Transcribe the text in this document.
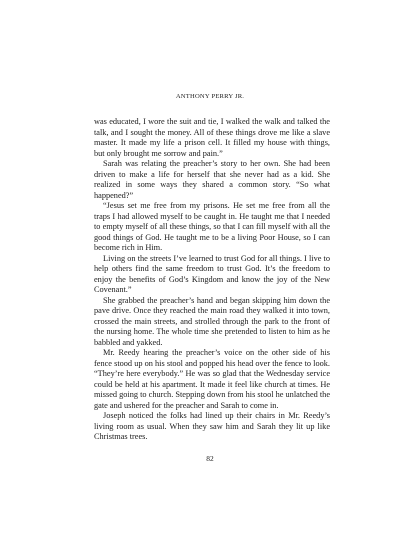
ANTHONY PERRY JR.

was educated, I wore the suit and tie, I walked the walk and talked the talk, and I sought the money. All of these things drove me like a slave master. It made my life a prison cell. It filled my house with things, but only brought me sorrow and pain.”

Sarah was relating the preacher’s story to her own. She had been driven to make a life for herself that she never had as a kid. She realized in some ways they shared a common story. “So what happened?”

“Jesus set me free from my prisons. He set me free from all the traps I had allowed myself to be caught in. He taught me that I needed to empty myself of all these things, so that I can fill myself with all the good things of God. He taught me to be a living Poor House, so I can become rich in Him.

Living on the streets I’ve learned to trust God for all things. I live to help others find the same freedom to trust God. It’s the freedom to enjoy the benefits of God’s Kingdom and know the joy of the New Covenant.”

She grabbed the preacher’s hand and began skipping him down the pave drive. Once they reached the main road they walked it into town, crossed the main streets, and strolled through the park to the front of the nursing home. The whole time she pretended to listen to him as he babbled and yakked.

Mr. Reedy hearing the preacher’s voice on the other side of his fence stood up on his stool and popped his head over the fence to look. “They’re here everybody.” He was so glad that the Wednesday service could be held at his apartment. It made it feel like church at times. He missed going to church. Stepping down from his stool he unlatched the gate and ushered for the preacher and Sarah to come in.

Joseph noticed the folks had lined up their chairs in Mr. Reedy’s living room as usual. When they saw him and Sarah they lit up like Christmas trees.

82
